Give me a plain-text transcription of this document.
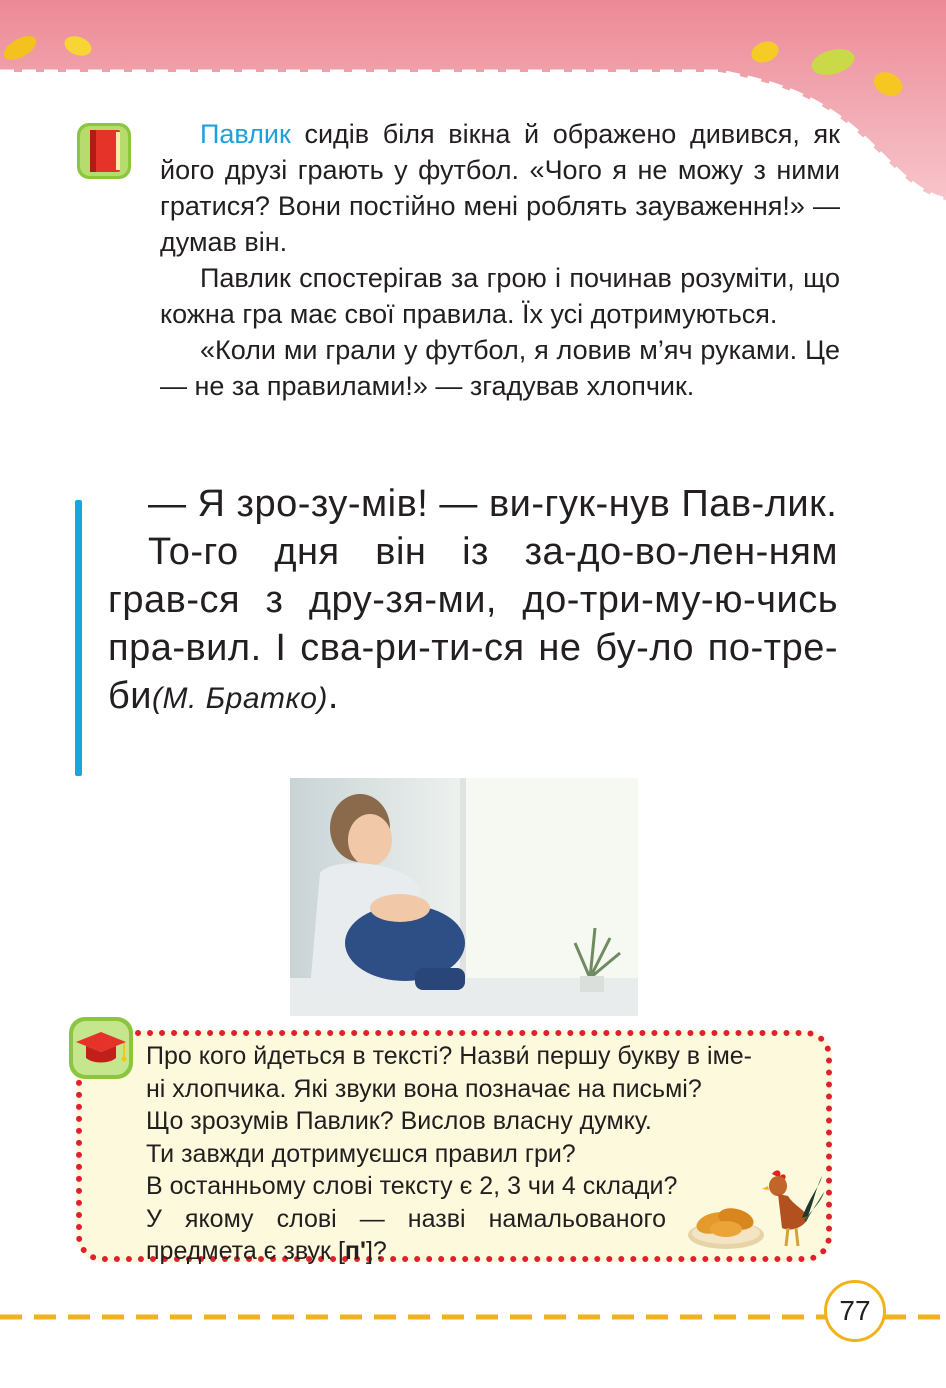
Павлик сидів біля вікна й ображено дивився, як його друзі грають у футбол. «Чого я не можу з ними гратися? Вони постійно мені роблять зауваження!» — думав він.

Павлик спостерігав за грою і починав розуміти, що кожна гра має свої правила. Їх усі дотримуються.

«Коли ми грали у футбол, я ловив м’яч руками. Це — не за правилами!» — згадував хлопчик.

— Я зро-зу-мів! — ви-гук-нув Пав-лик.

То-го дня він із за-до-во-лен-ням грав-ся з дру-зя-ми, до-три-му-ю-чись пра-вил. І сва-ри-ти-ся не бу-ло по-тре-би(М. Братко).

Про кого йдеться в тексті? Назви́ першу букву в іме-
ні хлопчика. Які звуки вона позначає на письмі?
Що зрозумів Павлик? Вислов власну думку.
Ти завжди дотримуєшся правил гри?
В останньому слові тексту є 2, 3 чи 4 склади?
У якому слові — назві намальованого
предмета є звук [п']?
77
